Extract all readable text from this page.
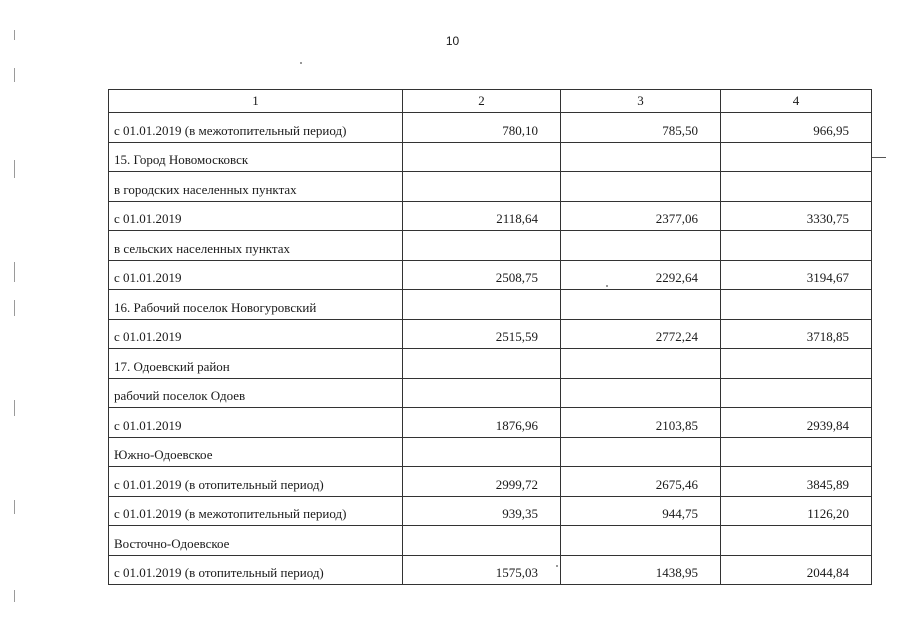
10
1	2	3	4
с 01.01.2019 (в межотопительный период)	780,10	785,50	966,95
15. Город Новомосковск			
в городских населенных пунктах			
с 01.01.2019	2118,64	2377,06	3330,75
в сельских населенных пунктах			
с 01.01.2019	2508,75	2292,64	3194,67
16. Рабочий поселок Новогуровский			
с 01.01.2019	2515,59	2772,24	3718,85
17. Одоевский район			
рабочий поселок Одоев			
с 01.01.2019	1876,96	2103,85	2939,84
Южно-Одоевское			
с 01.01.2019 (в отопительный период)	2999,72	2675,46	3845,89
с 01.01.2019 (в межотопительный период)	939,35	944,75	1126,20
Восточно-Одоевское			
с 01.01.2019 (в отопительный период)	1575,03	1438,95	2044,84
